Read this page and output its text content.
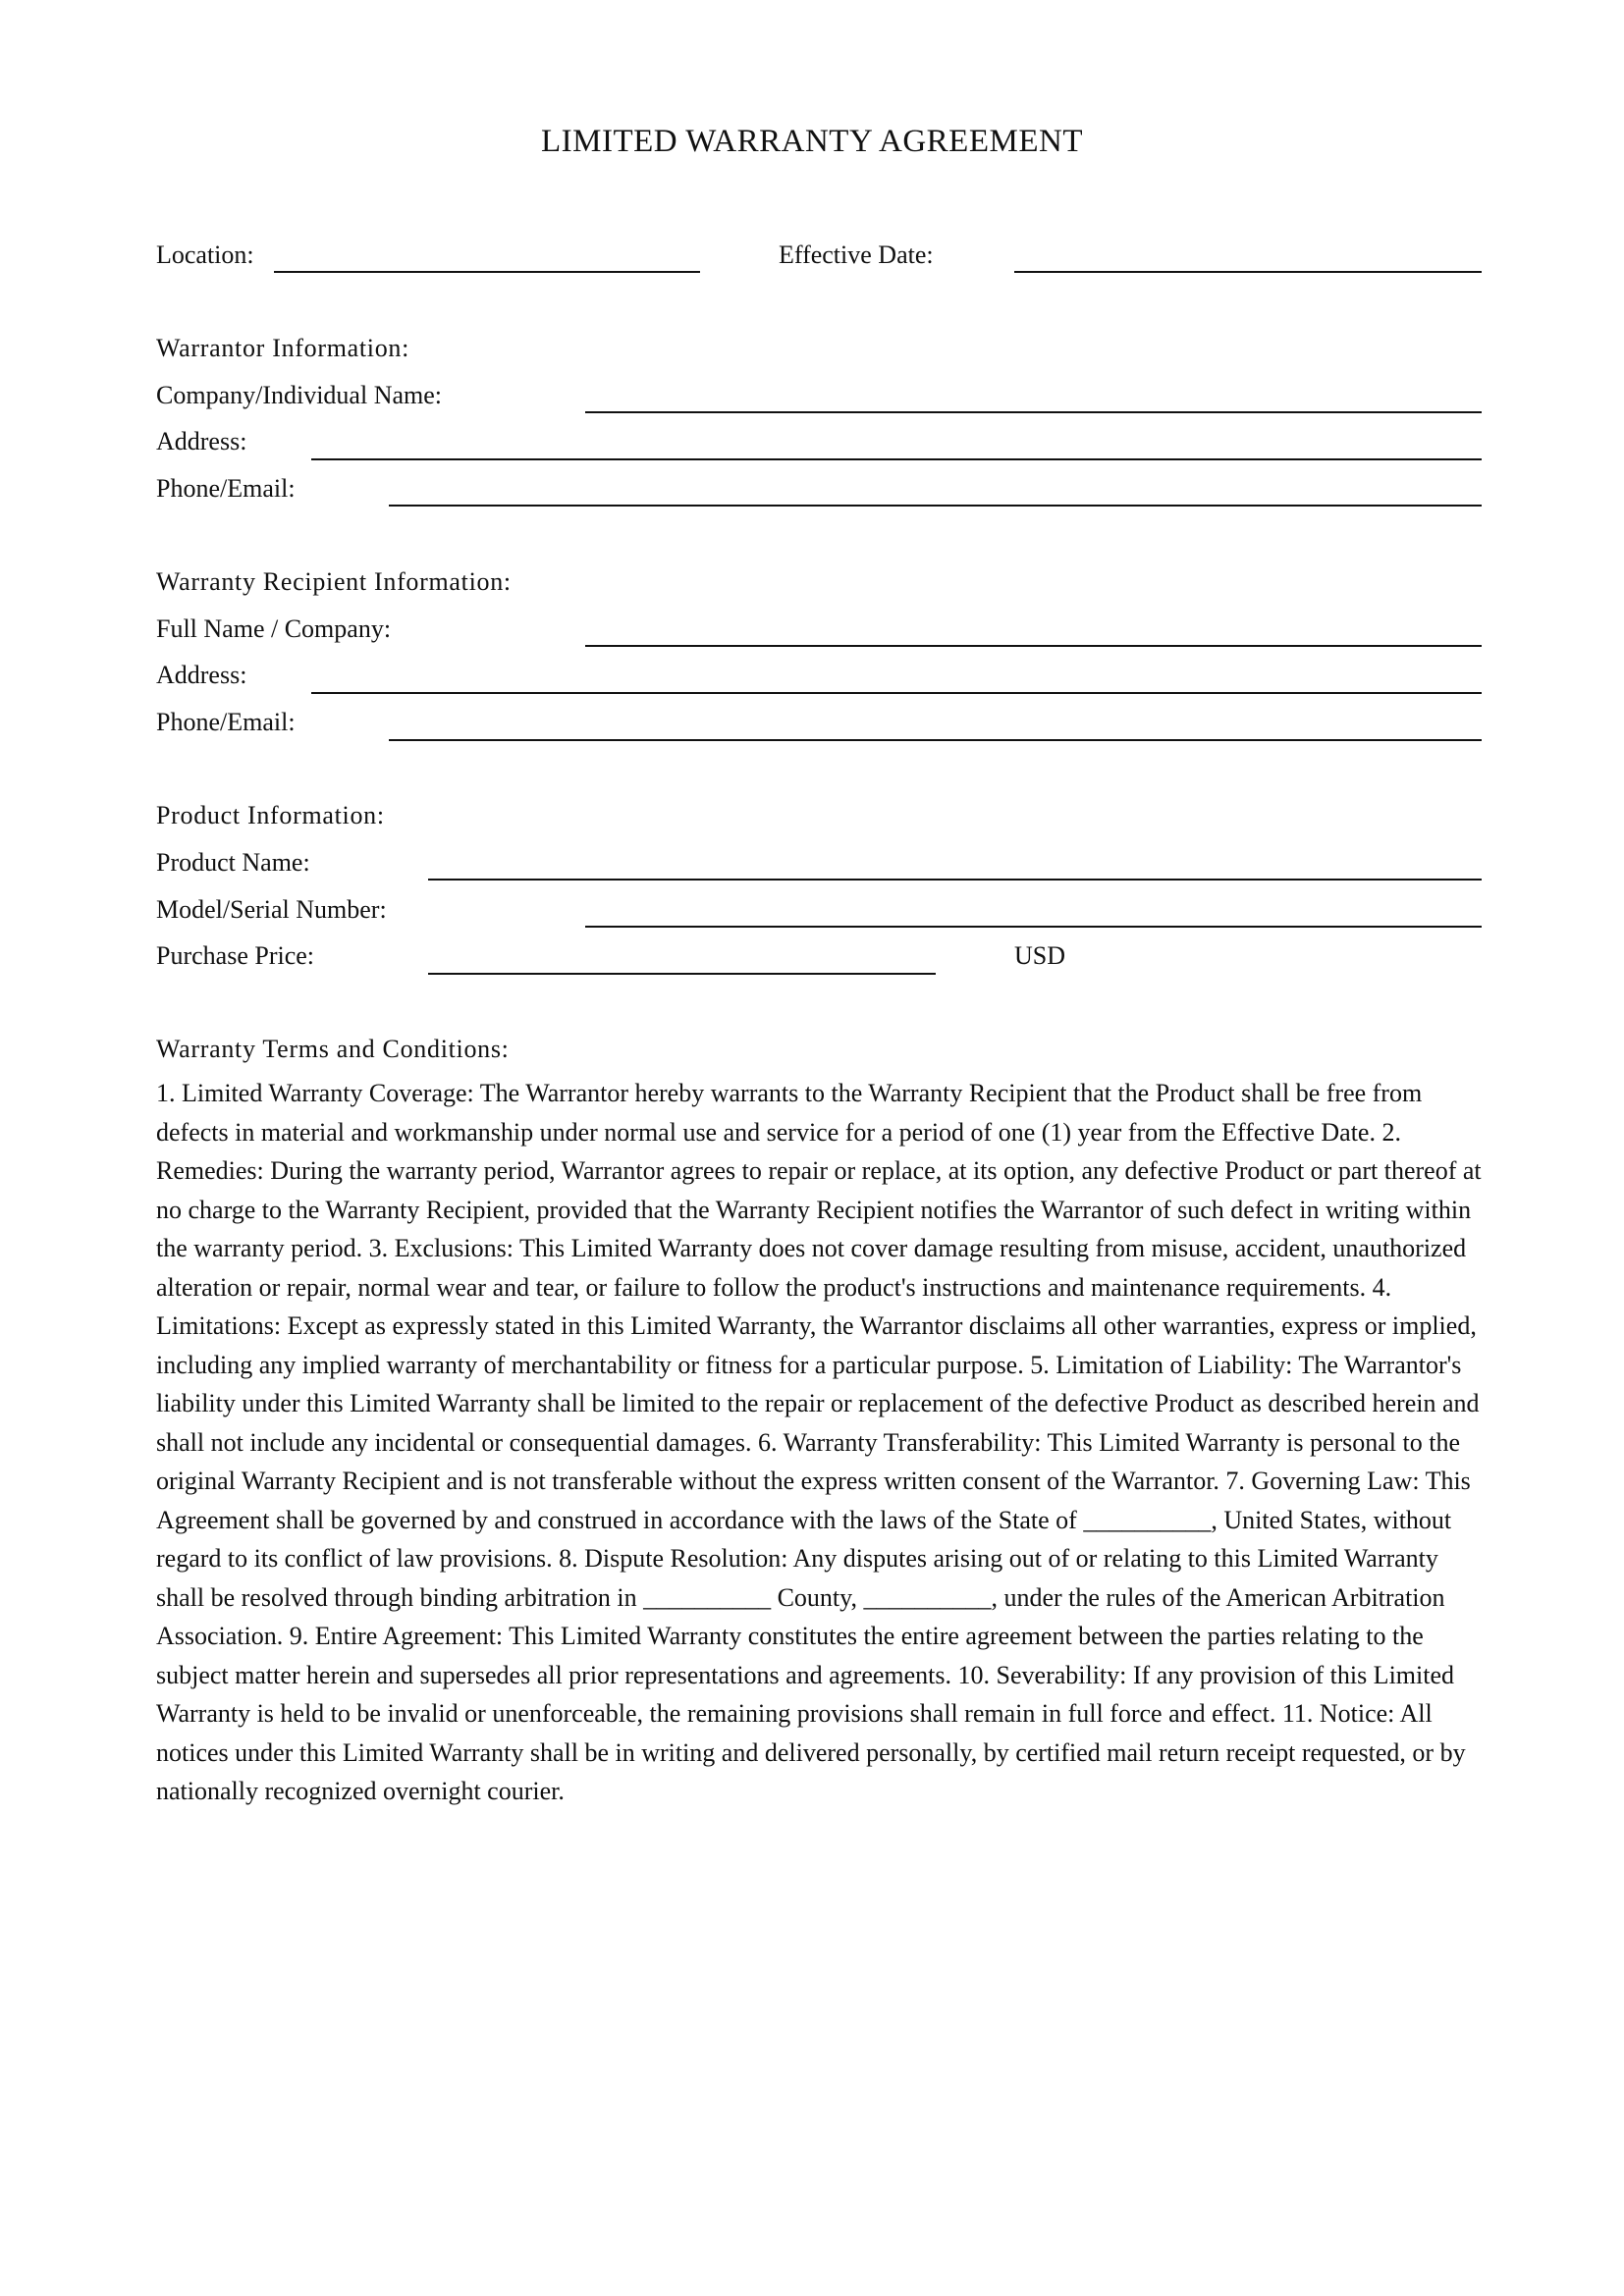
LIMITED WARRANTY AGREEMENT
Location:	Effective Date:
Warrantor Information:
Company/Individual Name:
Address:
Phone/Email:
Warranty Recipient Information:
Full Name / Company:
Address:
Phone/Email:
Product Information:
Product Name:
Model/Serial Number:
Purchase Price:	USD
Warranty Terms and Conditions:
1. Limited Warranty Coverage: The Warrantor hereby warrants to the Warranty Recipient that the Product shall be free from defects in material and workmanship under normal use and service for a period of one (1) year from the Effective Date. 2. Remedies: During the warranty period, Warrantor agrees to repair or replace, at its option, any defective Product or part thereof at no charge to the Warranty Recipient, provided that the Warranty Recipient notifies the Warrantor of such defect in writing within the warranty period. 3. Exclusions: This Limited Warranty does not cover damage resulting from misuse, accident, unauthorized alteration or repair, normal wear and tear, or failure to follow the product's instructions and maintenance requirements. 4. Limitations: Except as expressly stated in this Limited Warranty, the Warrantor disclaims all other warranties, express or implied, including any implied warranty of merchantability or fitness for a particular purpose. 5. Limitation of Liability: The Warrantor's liability under this Limited Warranty shall be limited to the repair or replacement of the defective Product as described herein and shall not include any incidental or consequential damages. 6. Warranty Transferability: This Limited Warranty is personal to the original Warranty Recipient and is not transferable without the express written consent of the Warrantor. 7. Governing Law: This Agreement shall be governed by and construed in accordance with the laws of the State of __________, United States, without regard to its conflict of law provisions. 8. Dispute Resolution: Any disputes arising out of or relating to this Limited Warranty shall be resolved through binding arbitration in __________ County, __________, under the rules of the American Arbitration Association. 9. Entire Agreement: This Limited Warranty constitutes the entire agreement between the parties relating to the subject matter herein and supersedes all prior representations and agreements. 10. Severability: If any provision of this Limited Warranty is held to be invalid or unenforceable, the remaining provisions shall remain in full force and effect. 11. Notice: All notices under this Limited Warranty shall be in writing and delivered personally, by certified mail return receipt requested, or by nationally recognized overnight courier.
